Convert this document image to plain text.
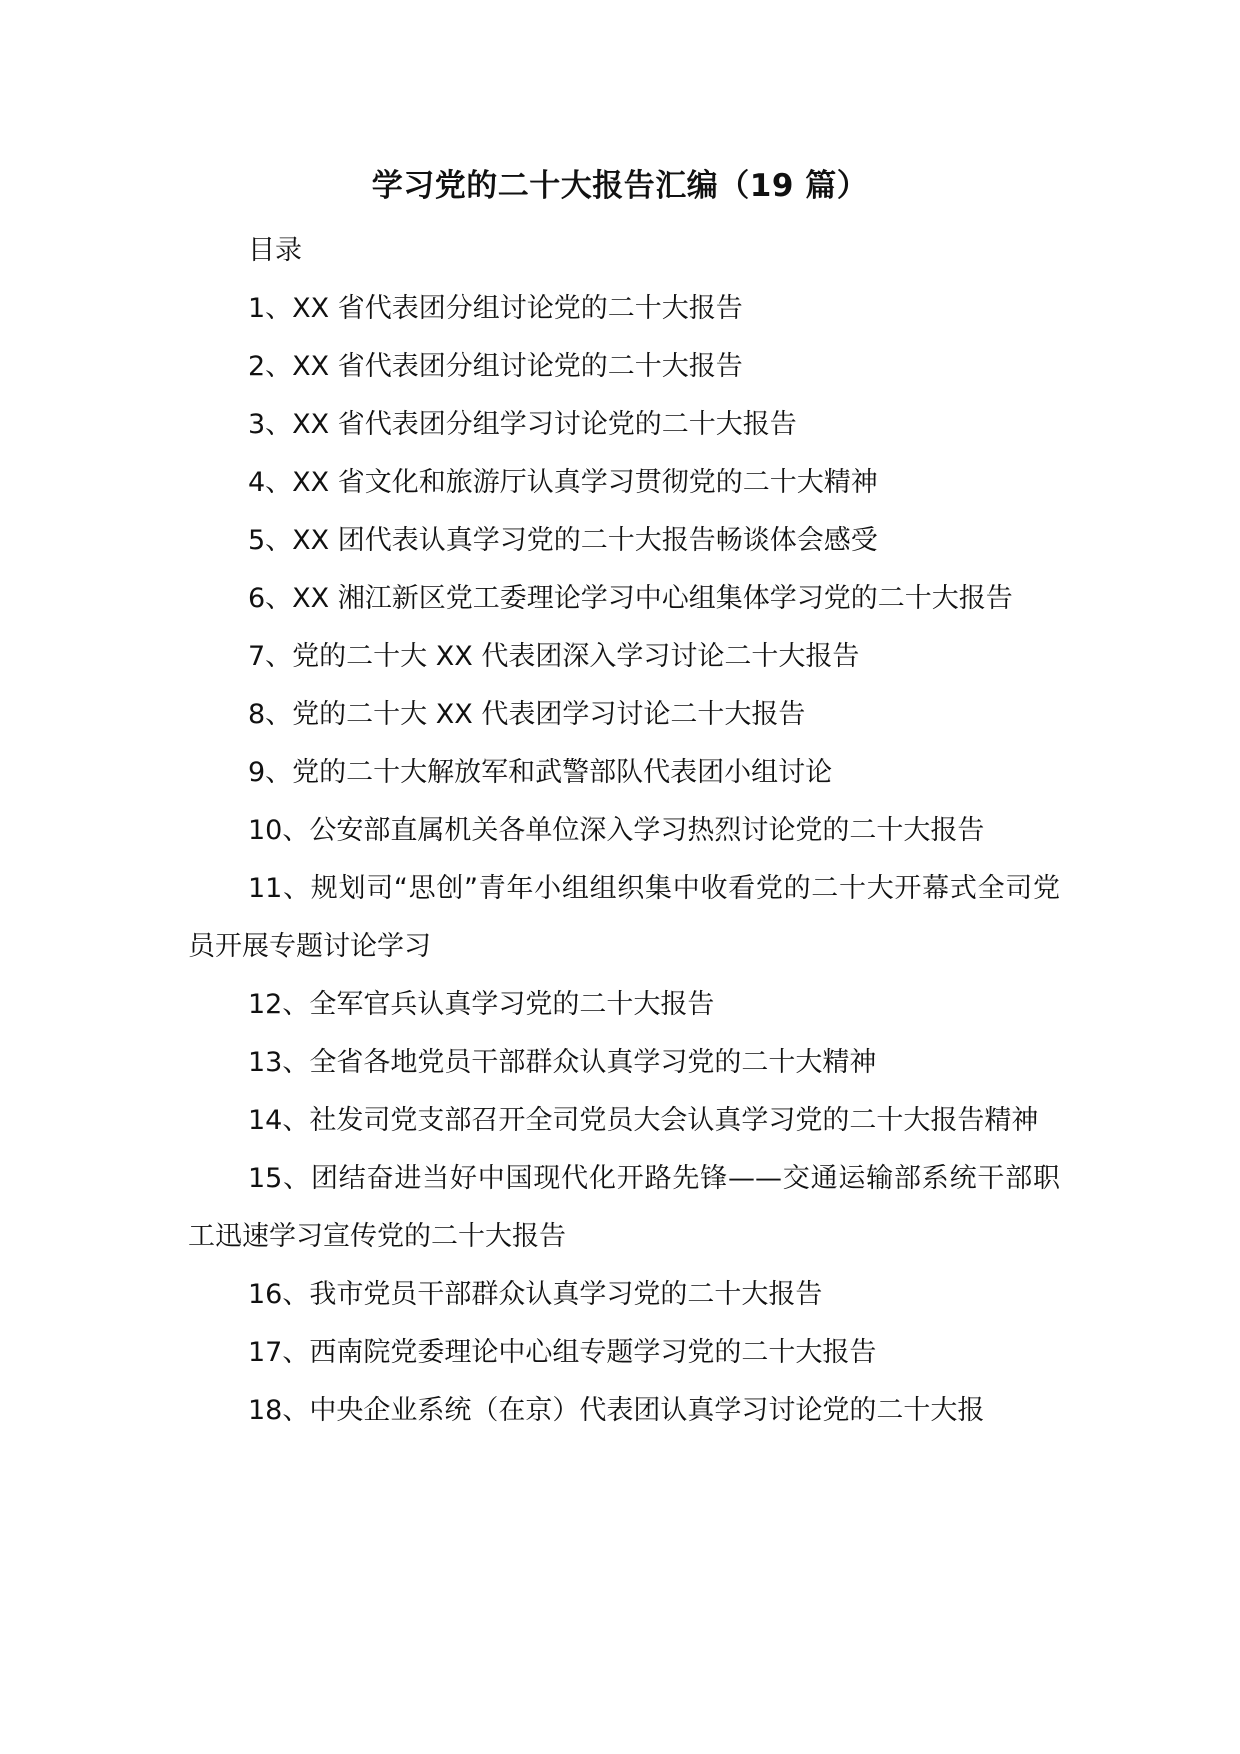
学习党的二十大报告汇编（19 篇）

目录

1、XX 省代表团分组讨论党的二十大报告

2、XX 省代表团分组讨论党的二十大报告

3、XX 省代表团分组学习讨论党的二十大报告

4、XX 省文化和旅游厅认真学习贯彻党的二十大精神

5、XX 团代表认真学习党的二十大报告畅谈体会感受

6、XX 湘江新区党工委理论学习中心组集体学习党的二十大报告

7、党的二十大 XX 代表团深入学习讨论二十大报告

8、党的二十大 XX 代表团学习讨论二十大报告

9、党的二十大解放军和武警部队代表团小组讨论

10、公安部直属机关各单位深入学习热烈讨论党的二十大报告

11、规划司“思创”青年小组组织集中收看党的二十大开幕式全司党员开展专题讨论学习

12、全军官兵认真学习党的二十大报告

13、全省各地党员干部群众认真学习党的二十大精神

14、社发司党支部召开全司党员大会认真学习党的二十大报告精神

15、团结奋进当好中国现代化开路先锋——交通运输部系统干部职工迅速学习宣传党的二十大报告

16、我市党员干部群众认真学习党的二十大报告

17、西南院党委理论中心组专题学习党的二十大报告

18、中央企业系统（在京）代表团认真学习讨论党的二十大报
